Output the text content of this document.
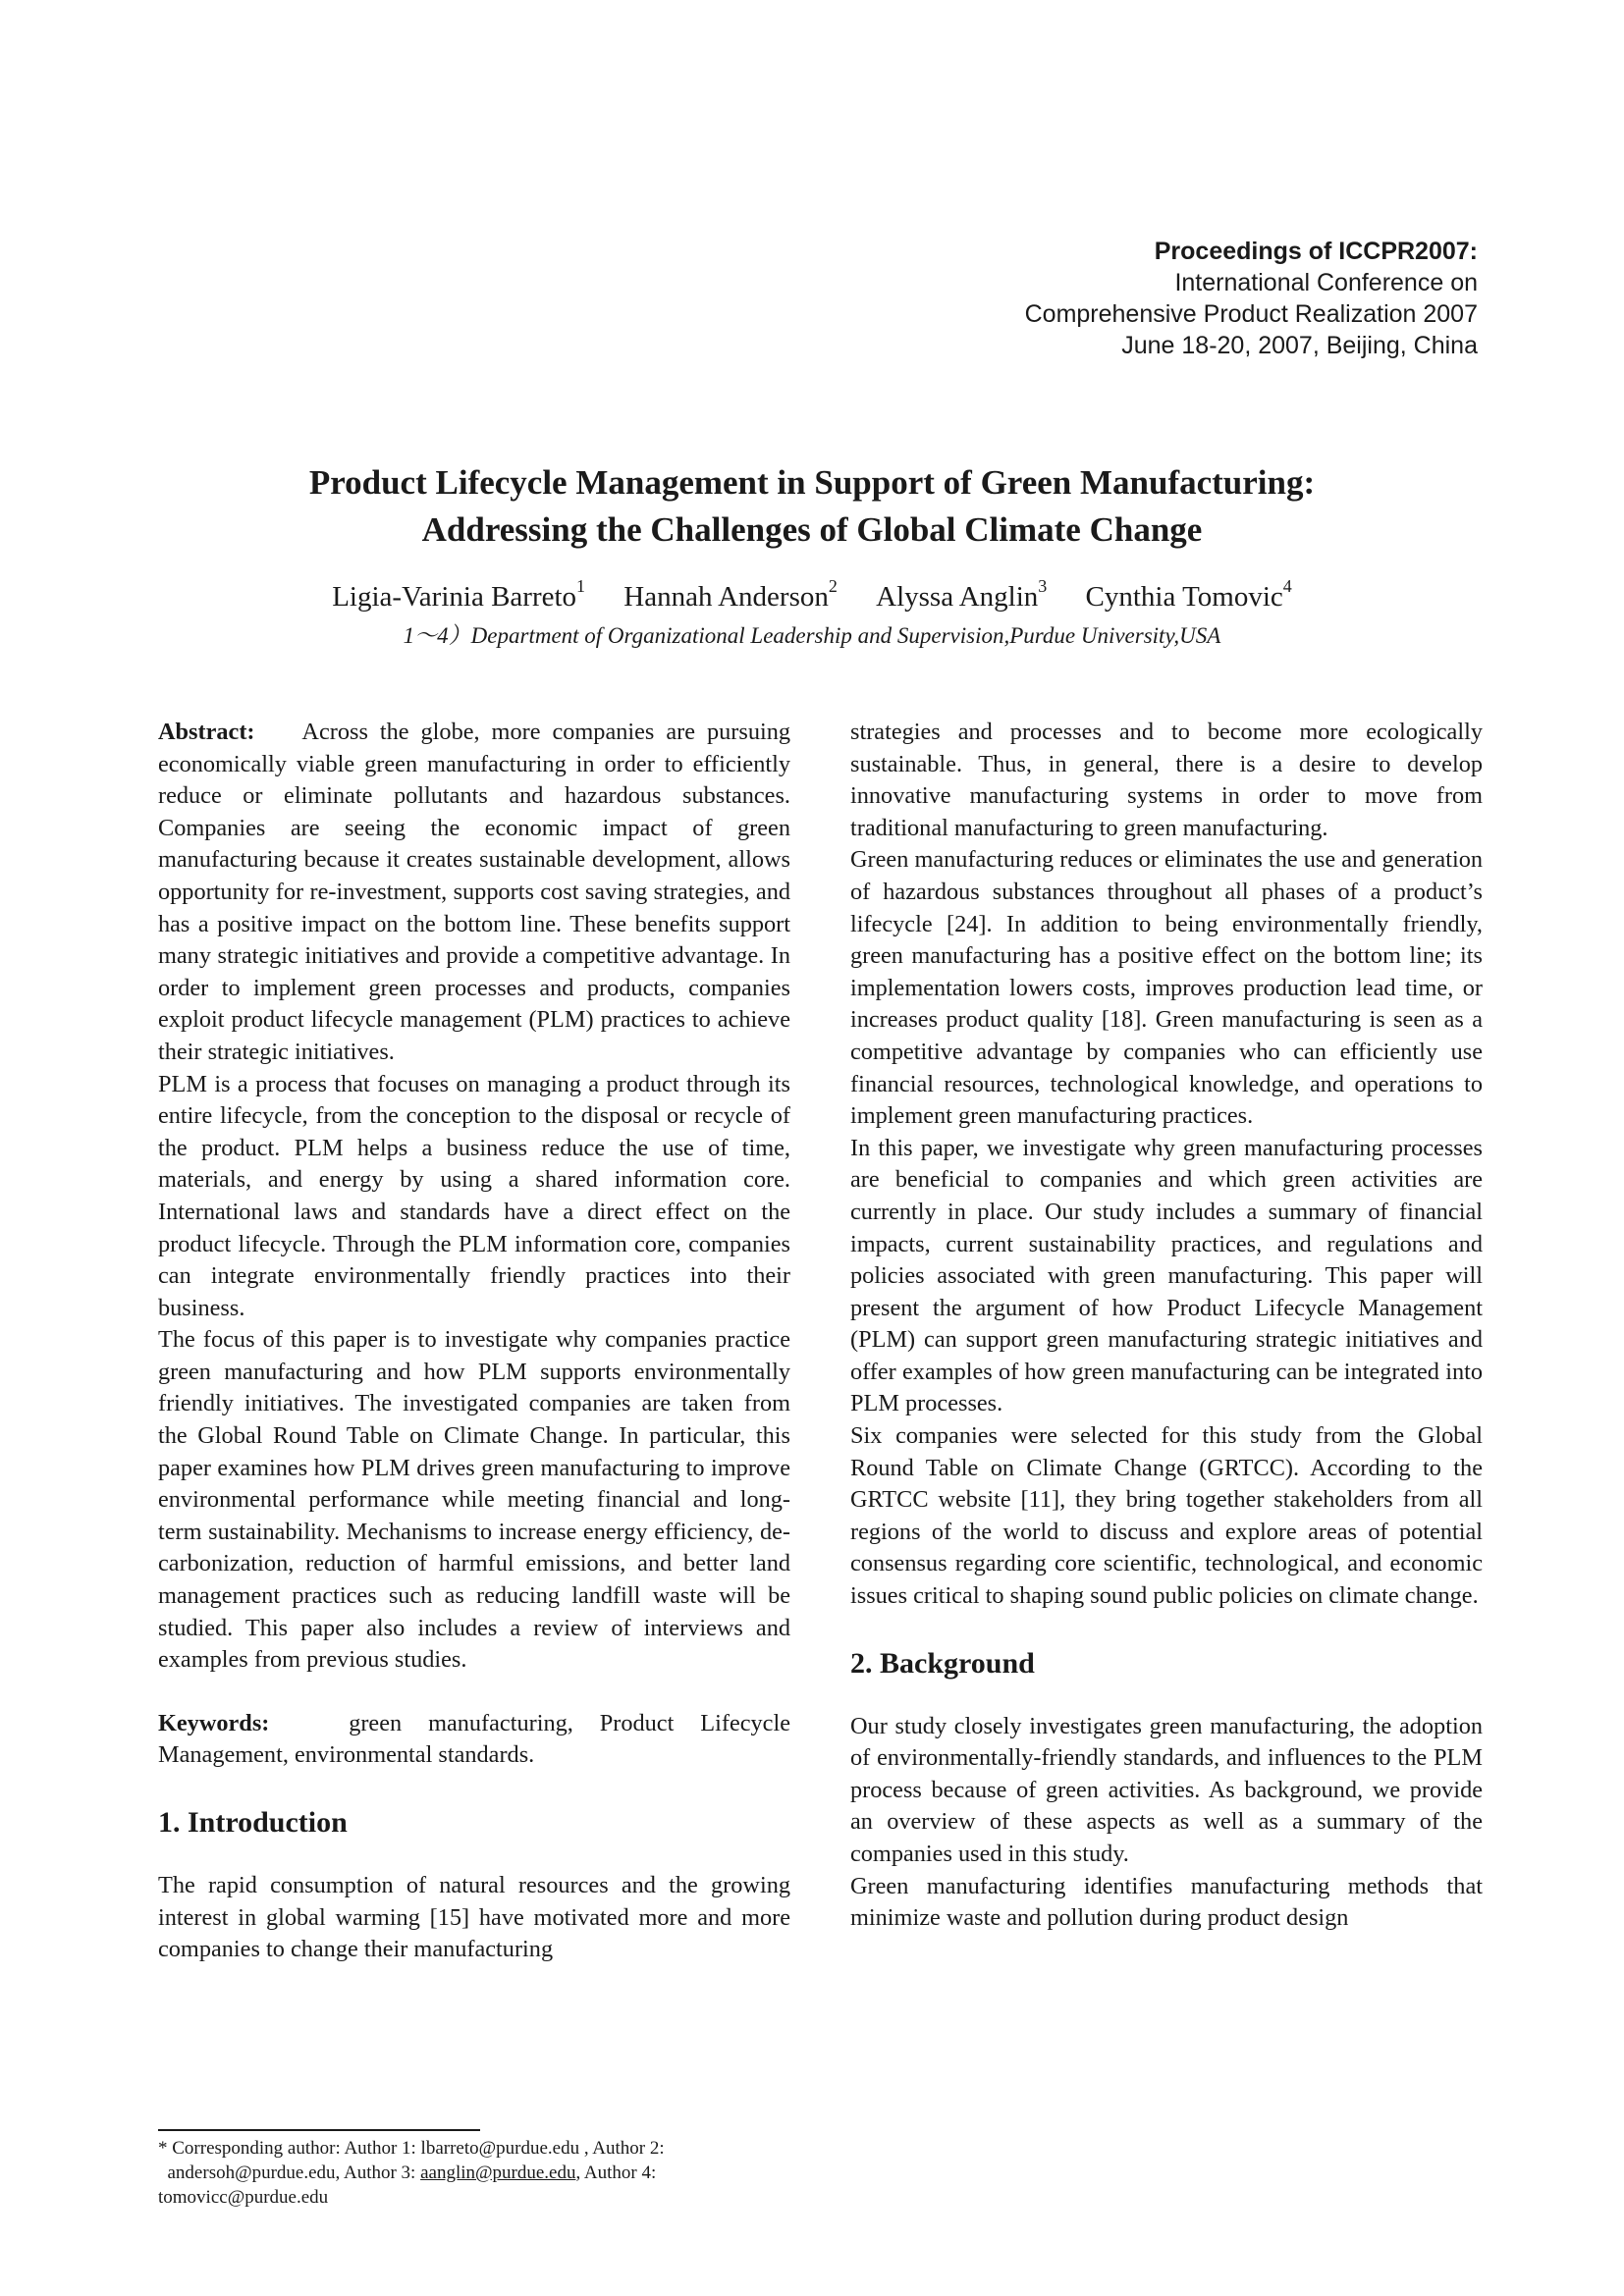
Proceedings of ICCPR2007:
International Conference on
Comprehensive Product Realization 2007
June 18-20, 2007, Beijing, China
Product Lifecycle Management in Support of Green Manufacturing:
Addressing the Challenges of Global Climate Change
Ligia-Varinia Barreto$^1$ Hannah Anderson$^2$ Alyssa Anglin$^3$ Cynthia Tomovic$^4$
1～4）Department of Organizational Leadership and Supervision,Purdue University,USA

Abstract: Across the globe, more companies are pursuing economically viable green manufacturing in order to efficiently reduce or eliminate pollutants and hazardous substances. Companies are seeing the economic impact of green manufacturing because it creates sustainable development, allows opportunity for re-investment, supports cost saving strategies, and has a positive impact on the bottom line. These benefits support many strategic initiatives and provide a competitive advantage. In order to implement green processes and products, companies exploit product lifecycle management (PLM) practices to achieve their strategic initiatives.

PLM is a process that focuses on managing a product through its entire lifecycle, from the conception to the disposal or recycle of the product. PLM helps a business reduce the use of time, materials, and energy by using a shared information core. International laws and standards have a direct effect on the product lifecycle. Through the PLM information core, companies can integrate environmentally friendly practices into their business.

The focus of this paper is to investigate why companies practice green manufacturing and how PLM supports environmentally friendly initiatives. The investigated companies are taken from the Global Round Table on Climate Change. In particular, this paper examines how PLM drives green manufacturing to improve environmental performance while meeting financial and long-term sustainability. Mechanisms to increase energy efficiency, de-carbonization, reduction of harmful emissions, and better land management practices such as reducing landfill waste will be studied. This paper also includes a review of interviews and examples from previous studies.

Keywords:	green manufacturing, Product Lifecycle Management, environmental standards.

1. Introduction

The rapid consumption of natural resources and the growing interest in global warming [15] have motivated more and more companies to change their manufacturing

strategies and processes and to become more ecologically sustainable. Thus, in general, there is a desire to develop innovative manufacturing systems in order to move from traditional manufacturing to green manufacturing.

Green manufacturing reduces or eliminates the use and generation of hazardous substances throughout all phases of a product’s lifecycle [24]. In addition to being environmentally friendly, green manufacturing has a positive effect on the bottom line; its implementation lowers costs, improves production lead time, or increases product quality [18]. Green manufacturing is seen as a competitive advantage by companies who can efficiently use financial resources, technological knowledge, and operations to implement green manufacturing practices.

In this paper, we investigate why green manufacturing processes are beneficial to companies and which green activities are currently in place. Our study includes a summary of financial impacts, current sustainability practices, and regulations and policies associated with green manufacturing. This paper will present the argument of how Product Lifecycle Management (PLM) can support green manufacturing strategic initiatives and offer examples of how green manufacturing can be integrated into PLM processes.

Six companies were selected for this study from the Global Round Table on Climate Change (GRTCC). According to the GRTCC website [11], they bring together stakeholders from all regions of the world to discuss and explore areas of potential consensus regarding core scientific, technological, and economic issues critical to shaping sound public policies on climate change.

2. Background

Our study closely investigates green manufacturing, the adoption of environmentally-friendly standards, and influences to the PLM process because of green activities. As background, we provide an overview of these aspects as well as a summary of the companies used in this study.

Green manufacturing identifies manufacturing methods that minimize waste and pollution during product design

* Corresponding author: Author 1: lbarreto@purdue.edu , Author 2:
andersoh@purdue.edu, Author 3: aanglin@purdue.edu, Author 4:
tomovicc@purdue.edu
